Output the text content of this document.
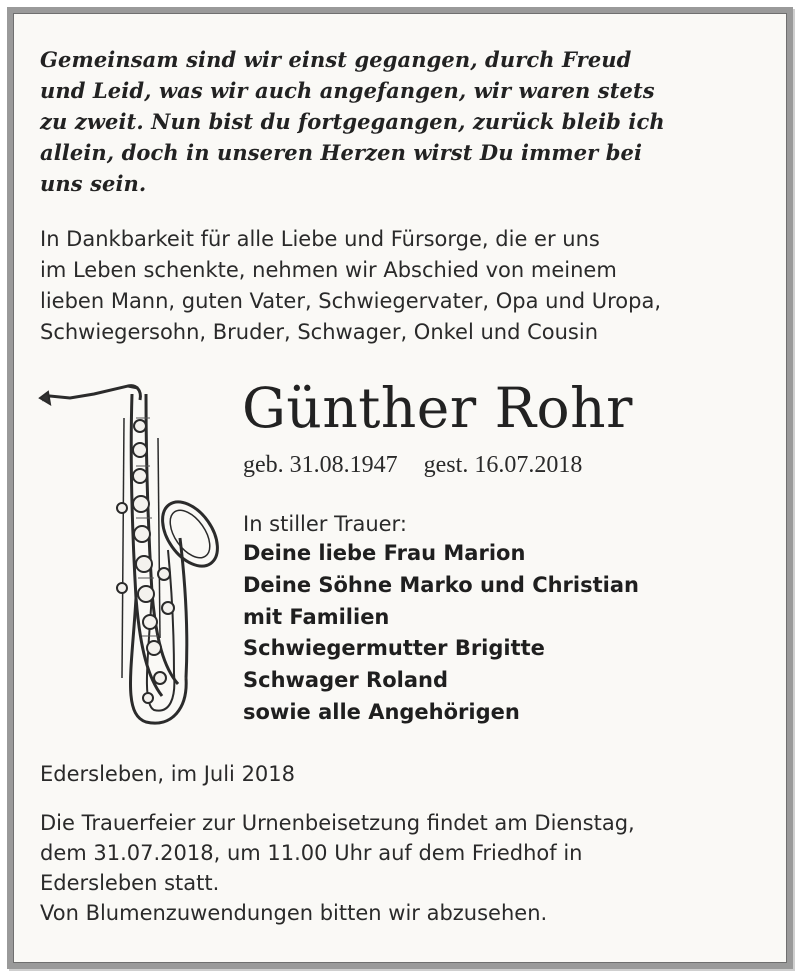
Gemeinsam sind wir einst gegangen, durch Freud
und Leid, was wir auch angefangen, wir waren stets
zu zweit. Nun bist du fortgegangen, zurück bleib ich
allein, doch in unseren Herzen wirst Du immer bei
uns sein.
In Dankbarkeit für alle Liebe und Fürsorge, die er uns
im Leben schenkte, nehmen wir Abschied von meinem
lieben Mann, guten Vater, Schwiegervater, Opa und Uropa,
Schwiegersohn, Bruder, Schwager, Onkel und Cousin
Günther Rohr
geb. 31.08.1947 gest. 16.07.2018
In stiller Trauer:
Deine liebe Frau Marion
Deine Söhne Marko und Christian
mit Familien
Schwiegermutter Brigitte
Schwager Roland
sowie alle Angehörigen
Edersleben, im Juli 2018
Die Trauerfeier zur Urnenbeisetzung findet am Dienstag,
dem 31.07.2018, um 11.00 Uhr auf dem Friedhof in
Edersleben statt.
Von Blumenzuwendungen bitten wir abzusehen.
